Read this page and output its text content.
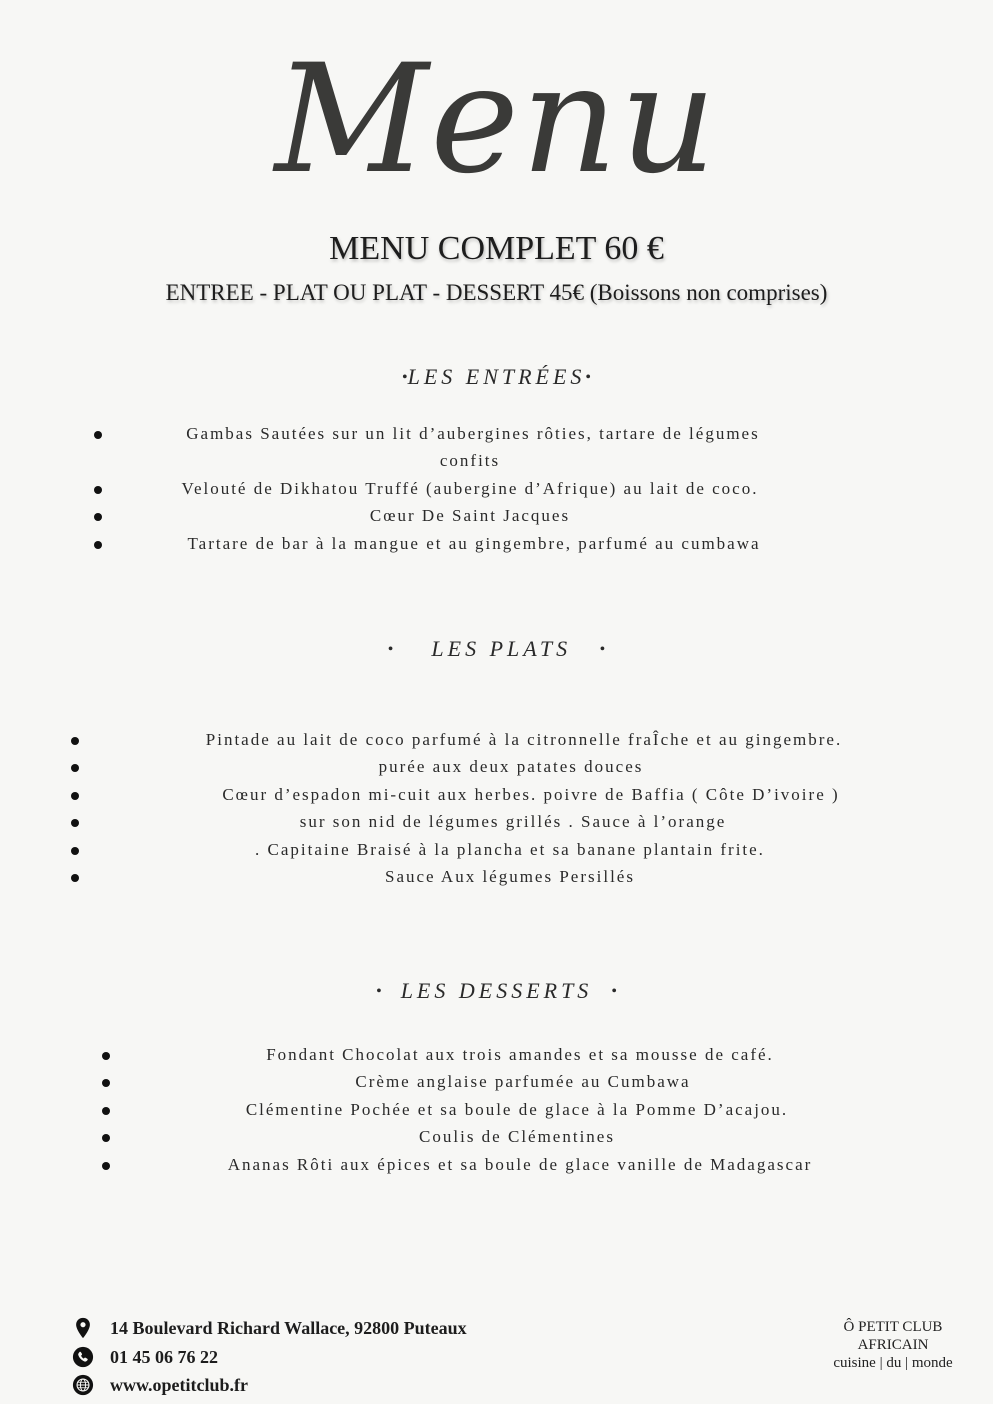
Menu
MENU COMPLET 60 €
ENTREE - PLAT OU PLAT - DESSERT 45€ (Boissons non comprises)
•LES ENTRÉES•
Gambas Sautées sur un lit d’aubergines rôties, tartare de légumes
confits
Velouté de Dikhatou Truffé (aubergine d’Afrique) au lait de coco.
Cœur De Saint Jacques
Tartare de bar à la mangue et au gingembre, parfumé au cumbawa
• LES PLATS •
Pintade au lait de coco parfumé à la citronnelle fraÎche et au gingembre.
purée aux deux patates douces
Cœur d’espadon mi-cuit aux herbes. poivre de Baffia ( Côte D’ivoire )
sur son nid de légumes grillés . Sauce à l’orange
. Capitaine Braisé à la plancha et sa banane plantain frite.
Sauce Aux légumes Persillés
• LES DESSERTS •
Fondant Chocolat aux trois amandes et sa mousse de café.
Crème anglaise parfumée au Cumbawa
Clémentine Pochée et sa boule de glace à la Pomme D’acajou.
Coulis de Clémentines
Ananas Rôti aux épices et sa boule de glace vanille de Madagascar
14 Boulevard Richard Wallace, 92800 Puteaux
01 45 06 76 22
www.opetitclub.fr
Ô PETIT CLUB
AFRICAIN
cuisine | du | monde
